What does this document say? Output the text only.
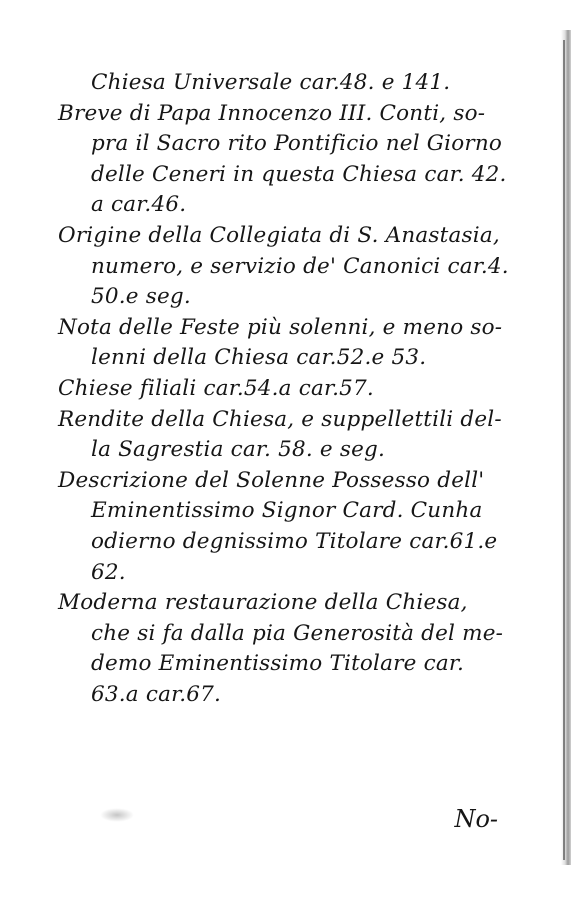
Chiesa Universale car.48. e 141.
Breve di Papa Innocenzo III. Conti, so-
pra il Sacro rito Pontificio nel Giorno
delle Ceneri in questa Chiesa car. 42.
a car.46.
Origine della Collegiata di S. Anastasia,
numero, e servizio de' Canonici car.4.
50.e seg.
Nota delle Feste più solenni, e meno so-
lenni della Chiesa car.52.e 53.
Chiese filiali car.54.a car.57.
Rendite della Chiesa, e suppellettili del-
la Sagrestia car. 58. e seg.
Descrizione del Solenne Possesso dell'
Eminentissimo Signor Card. Cunha
odierno degnissimo Titolare car.61.e
62.
Moderna restaurazione della Chiesa,
che si fa dalla pia Generosità del me-
demo Eminentissimo Titolare car.
63.a car.67.
No-
